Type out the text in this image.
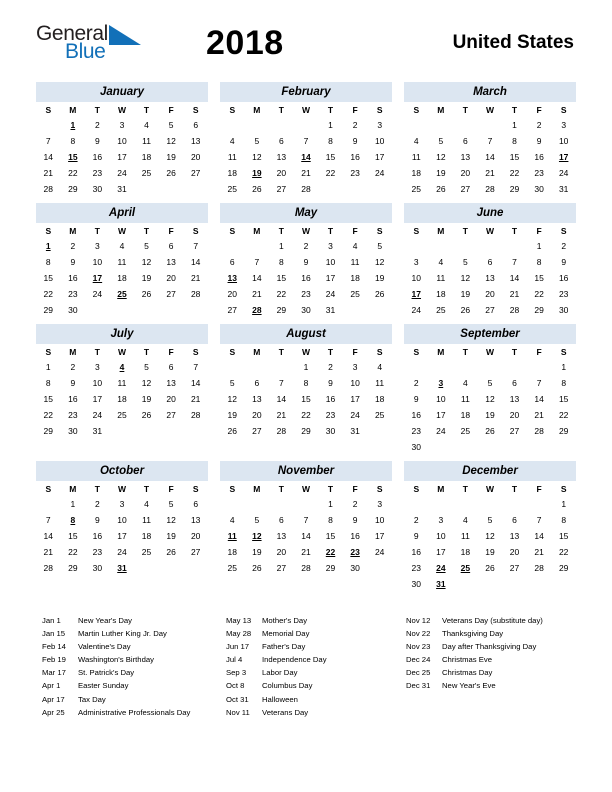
General
Blue	2018	United States
January
S	M	T	W	T	F	S
	1	2	3	4	5	6
7	8	9	10	11	12	13
14	15	16	17	18	19	20
21	22	23	24	25	26	27
28	29	30	31			
February
S	M	T	W	T	F	S
				1	2	3
4	5	6	7	8	9	10
11	12	13	14	15	16	17
18	19	20	21	22	23	24
25	26	27	28			
March
S	M	T	W	T	F	S
				1	2	3
4	5	6	7	8	9	10
11	12	13	14	15	16	17
18	19	20	21	22	23	24
25	26	27	28	29	30	31
April
S	M	T	W	T	F	S
1	2	3	4	5	6	7
8	9	10	11	12	13	14
15	16	17	18	19	20	21
22	23	24	25	26	27	28
29	30					
May
S	M	T	W	T	F	S
		1	2	3	4	5
6	7	8	9	10	11	12
13	14	15	16	17	18	19
20	21	22	23	24	25	26
27	28	29	30	31		
June
S	M	T	W	T	F	S
					1	2
3	4	5	6	7	8	9
10	11	12	13	14	15	16
17	18	19	20	21	22	23
24	25	26	27	28	29	30
July
S	M	T	W	T	F	S
1	2	3	4	5	6	7
8	9	10	11	12	13	14
15	16	17	18	19	20	21
22	23	24	25	26	27	28
29	30	31				
August
S	M	T	W	T	F	S
			1	2	3	4
5	6	7	8	9	10	11
12	13	14	15	16	17	18
19	20	21	22	23	24	25
26	27	28	29	30	31	
September
S	M	T	W	T	F	S
						1
2	3	4	5	6	7	8
9	10	11	12	13	14	15
16	17	18	19	20	21	22
23	24	25	26	27	28	29
30						
October
S	M	T	W	T	F	S
	1	2	3	4	5	6
7	8	9	10	11	12	13
14	15	16	17	18	19	20
21	22	23	24	25	26	27
28	29	30	31			
November
S	M	T	W	T	F	S
				1	2	3
4	5	6	7	8	9	10
11	12	13	14	15	16	17
18	19	20	21	22	23	24
25	26	27	28	29	30	
December
S	M	T	W	T	F	S
						1
2	3	4	5	6	7	8
9	10	11	12	13	14	15
16	17	18	19	20	21	22
23	24	25	26	27	28	29
30	31					
Jan 1	New Year's Day
Jan 15	Martin Luther King Jr. Day
Feb 14	Valentine's Day
Feb 19	Washington's Birthday
Mar 17	St. Patrick's Day
Apr 1	Easter Sunday
Apr 17	Tax Day
Apr 25	Administrative Professionals Day
May 13	Mother's Day
May 28	Memorial Day
Jun 17	Father's Day
Jul 4	Independence Day
Sep 3	Labor Day
Oct 8	Columbus Day
Oct 31	Halloween
Nov 11	Veterans Day
Nov 12	Veterans Day (substitute day)
Nov 22	Thanksgiving Day
Nov 23	Day after Thanksgiving Day
Dec 24	Christmas Eve
Dec 25	Christmas Day
Dec 31	New Year's Eve
